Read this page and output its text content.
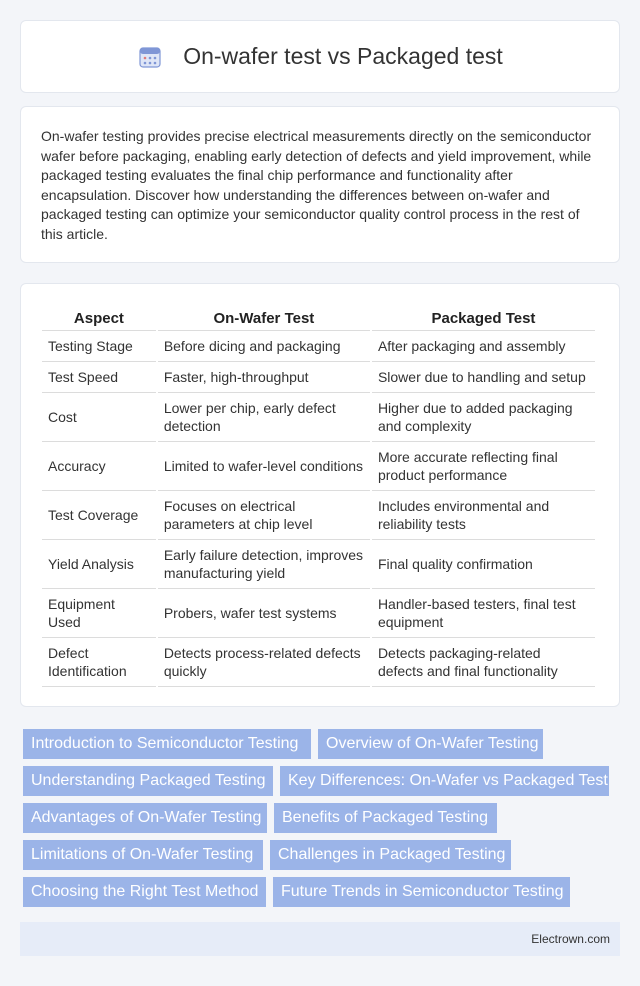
On-wafer test vs Packaged test

On-wafer testing provides precise electrical measurements directly on the semiconductor wafer before packaging, enabling early detection of defects and yield improvement, while packaged testing evaluates the final chip performance and functionality after encapsulation. Discover how understanding the differences between on-wafer and packaged testing can optimize your semiconductor quality control process in the rest of this article.

Aspect	On-Wafer Test	Packaged Test
Testing Stage	Before dicing and packaging	After packaging and assembly
Test Speed	Faster, high-throughput	Slower due to handling and setup
Cost	Lower per chip, early defect detection	Higher due to added packaging and complexity
Accuracy	Limited to wafer-level conditions	More accurate reflecting final product performance
Test Coverage	Focuses on electrical parameters at chip level	Includes environmental and reliability tests
Yield Analysis	Early failure detection, improves manufacturing yield	Final quality confirmation
Equipment Used	Probers, wafer test systems	Handler-based testers, final test equipment
Defect Identification	Detects process-related defects quickly	Detects packaging-related defects and final functionality
Introduction to Semiconductor Testing	Overview of On-Wafer Testing
Understanding Packaged Testing	Key Differences: On-Wafer vs Packaged Test
Advantages of On-Wafer Testing	Benefits of Packaged Testing
Limitations of On-Wafer Testing	Challenges in Packaged Testing
Choosing the Right Test Method	Future Trends in Semiconductor Testing
Electrown.com
